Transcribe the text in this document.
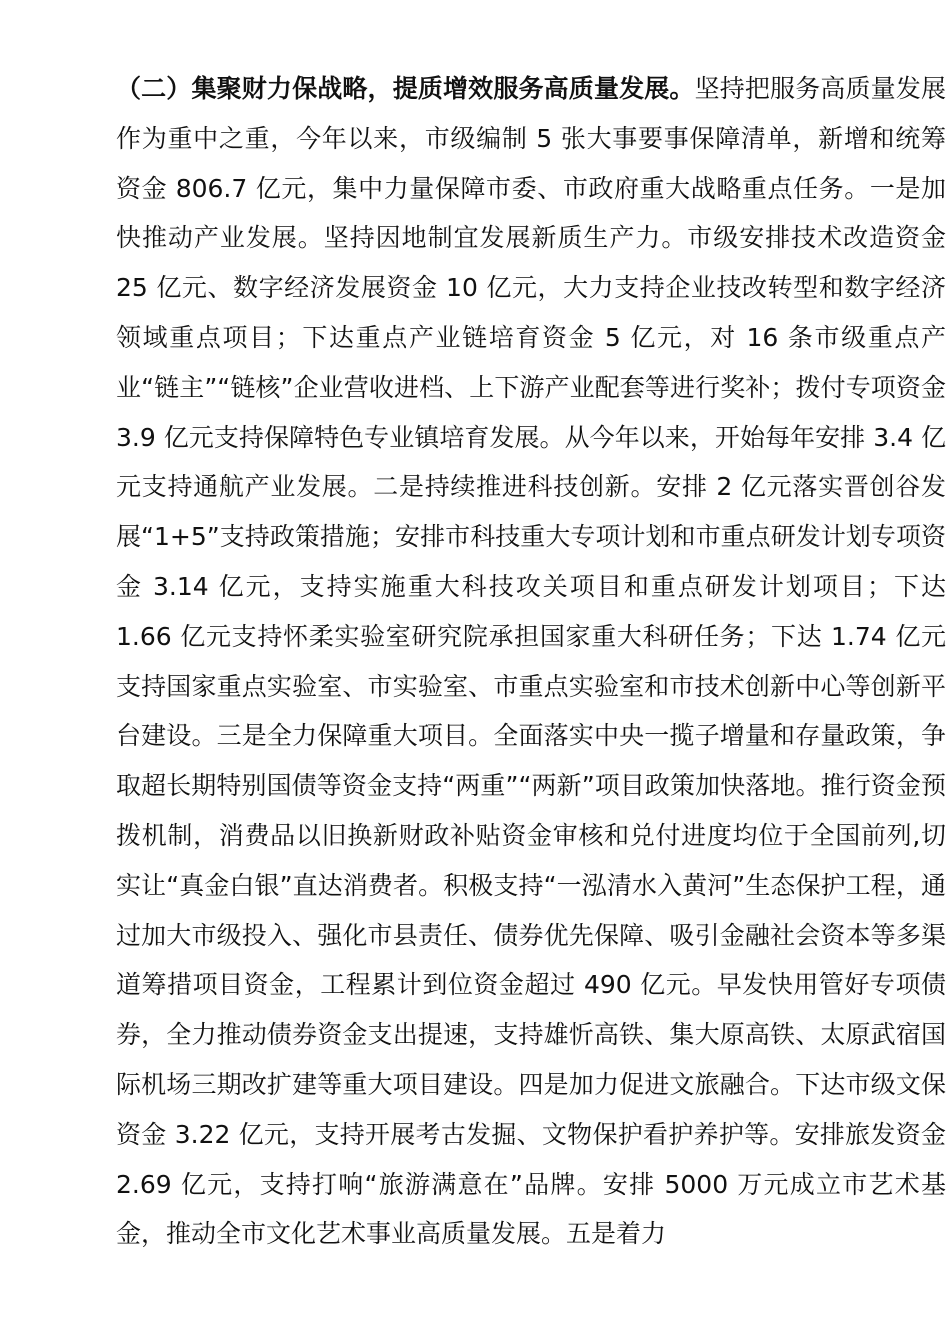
（二）集聚财力保战略，提质增效服务高质量发展。坚持把服务高质量发展作为重中之重，今年以来，市级编制 5 张大事要事保障清单，新增和统筹资金 806.7 亿元，集中力量保障市委、市政府重大战略重点任务。一是加快推动产业发展。坚持因地制宜发展新质生产力。市级安排技术改造资金 25 亿元、数字经济发展资金 10 亿元，大力支持企业技改转型和数字经济领域重点项目；下达重点产业链培育资金 5 亿元，对 16 条市级重点产业“链主”“链核”企业营收进档、上下游产业配套等进行奖补；拨付专项资金 3.9 亿元支持保障特色专业镇培育发展。从今年以来，开始每年安排 3.4 亿元支持通航产业发展。二是持续推进科技创新。安排 2 亿元落实晋创谷发展“1+5”支持政策措施；安排市科技重大专项计划和市重点研发计划专项资金 3.14 亿元，支持实施重大科技攻关项目和重点研发计划项目；下达 1.66 亿元支持怀柔实验室研究院承担国家重大科研任务；下达 1.74 亿元支持国家重点实验室、市实验室、市重点实验室和市技术创新中心等创新平台建设。三是全力保障重大项目。全面落实中央一揽子增量和存量政策，争取超长期特别国债等资金支持“两重”“两新”项目政策加快落地。推行资金预拨机制，消费品以旧换新财政补贴资金审核和兑付进度均位于全国前列,切实让“真金白银”直达消费者。积极支持“一泓清水入黄河”生态保护工程，通过加大市级投入、强化市县责任、债券优先保障、吸引金融社会资本等多渠道筹措项目资金，工程累计到位资金超过 490 亿元。早发快用管好专项债券，全力推动债券资金支出提速，支持雄忻高铁、集大原高铁、太原武宿国际机场三期改扩建等重大项目建设。四是加力促进文旅融合。下达市级文保资金 3.22 亿元，支持开展考古发掘、文物保护看护养护等。安排旅发资金 2.69 亿元，支持打响“旅游满意在”品牌。安排 5000 万元成立市艺术基金，推动全市文化艺术事业高质量发展。五是着力
